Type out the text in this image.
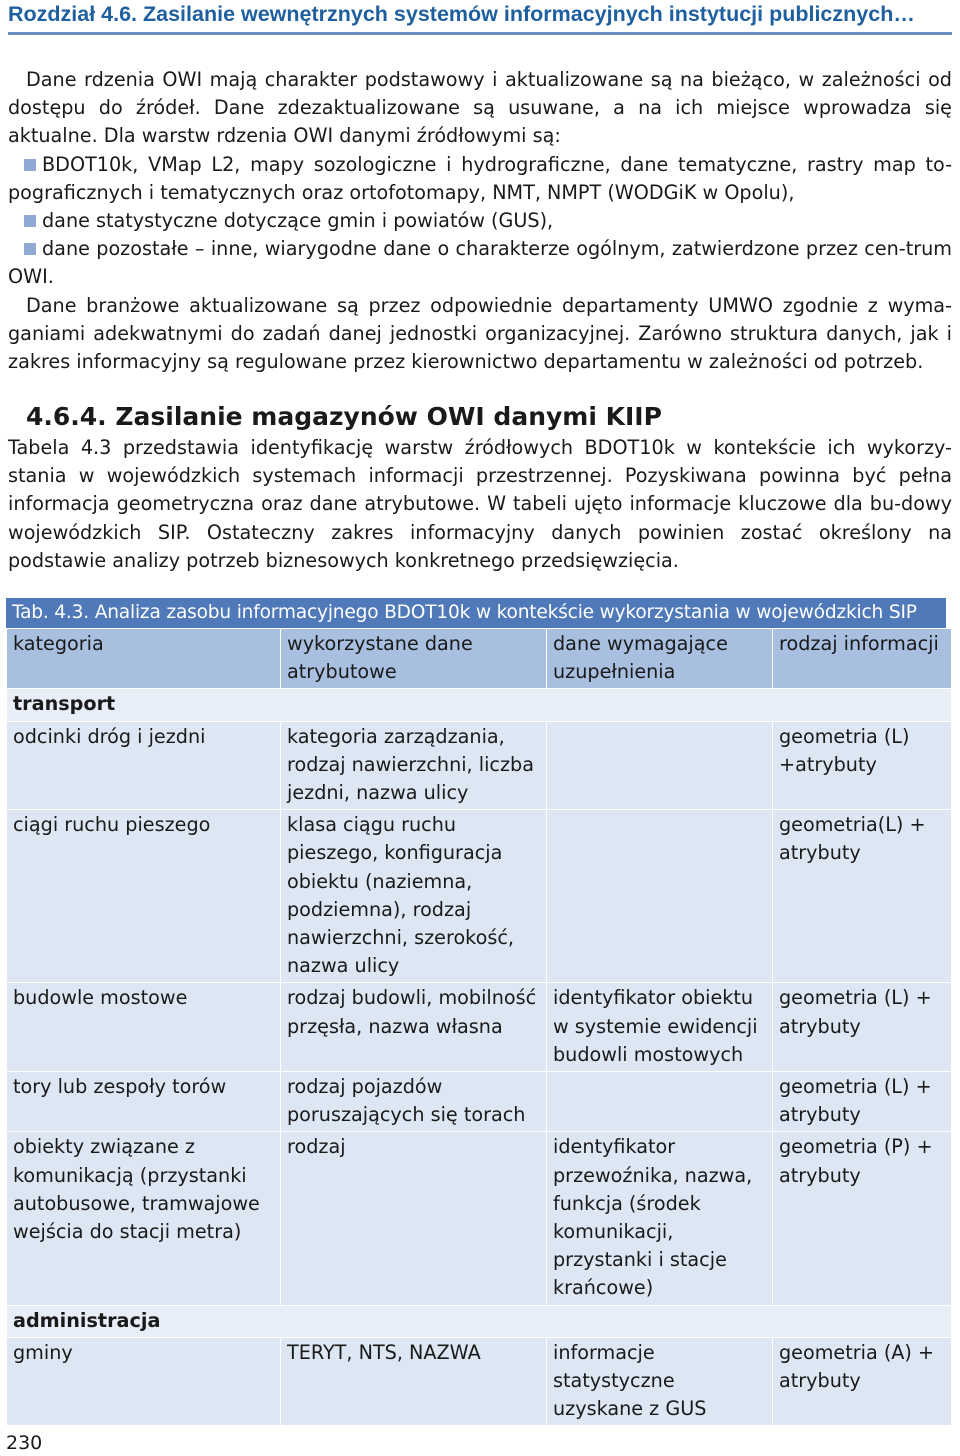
Rozdział 4.6. Zasilanie wewnętrznych systemów informacyjnych instytucji publicznych…

Dane rdzenia OWI mają charakter podstawowy i aktualizowane są na bieżąco, w zależności od dostępu do źródeł. Dane zdezaktualizowane są usuwane, a na ich miejsce wprowadza się aktualne. Dla warstw rdzenia OWI danymi źródłowymi są:

BDOT10k, VMap L2, mapy sozologiczne i hydrograficzne, dane tematyczne, rastry map to-pograficznych i tematycznych oraz ortofotomapy, NMT, NMPT (WODGiK w Opolu),

dane statystyczne dotyczące gmin i powiatów (GUS),

dane pozostałe – inne, wiarygodne dane o charakterze ogólnym, zatwierdzone przez cen-trum OWI.

Dane branżowe aktualizowane są przez odpowiednie departamenty UMWO zgodnie z wyma-ganiami adekwatnymi do zadań danej jednostki organizacyjnej. Zarówno struktura danych, jak i zakres informacyjny są regulowane przez kierownictwo departamentu w zależności od potrzeb.

4.6.4. Zasilanie magazynów OWI danymi KIIP

Tabela 4.3 przedstawia identyfikację warstw źródłowych BDOT10k w kontekście ich wykorzy-stania w wojewódzkich systemach informacji przestrzennej. Pozyskiwana powinna być pełna informacja geometryczna oraz dane atrybutowe. W tabeli ujęto informacje kluczowe dla bu-dowy wojewódzkich SIP. Ostateczny zakres informacyjny danych powinien zostać określony na podstawie analizy potrzeb biznesowych konkretnego przedsięwzięcia.

Tab. 4.3. Analiza zasobu informacyjnego BDOT10k w kontekście wykorzystania w wojewódzkich SIP
kategoria	wykorzystane dane atrybutowe	dane wymagające uzupełnienia	rodzaj informacji
transport			
odcinki dróg i jezdni	kategoria zarządzania, rodzaj nawierzchni, liczba jezdni, nazwa ulicy		geometria (L) +atrybuty
ciągi ruchu pieszego	klasa ciągu ruchu pieszego, konfiguracja obiektu (naziemna, podziemna), rodzaj nawierzchni, szerokość, nazwa ulicy		geometria(L) + atrybuty
budowle mostowe	rodzaj budowli, mobilność przęsła, nazwa własna	identyfikator obiektu w systemie ewidencji budowli mostowych	geometria (L) + atrybuty
tory lub zespoły torów	rodzaj pojazdów poruszających się torach		geometria (L) + atrybuty
obiekty związane z komunikacją (przystanki autobusowe, tramwajowe wejścia do stacji metra)	rodzaj	identyfikator przewoźnika, nazwa, funkcja (środek komunikacji, przystanki i stacje krańcowe)	geometria (P) + atrybuty
administracja			
gminy	TERYT, NTS, NAZWA	informacje statystyczne uzyskane z GUS	geometria (A) + atrybuty
230
